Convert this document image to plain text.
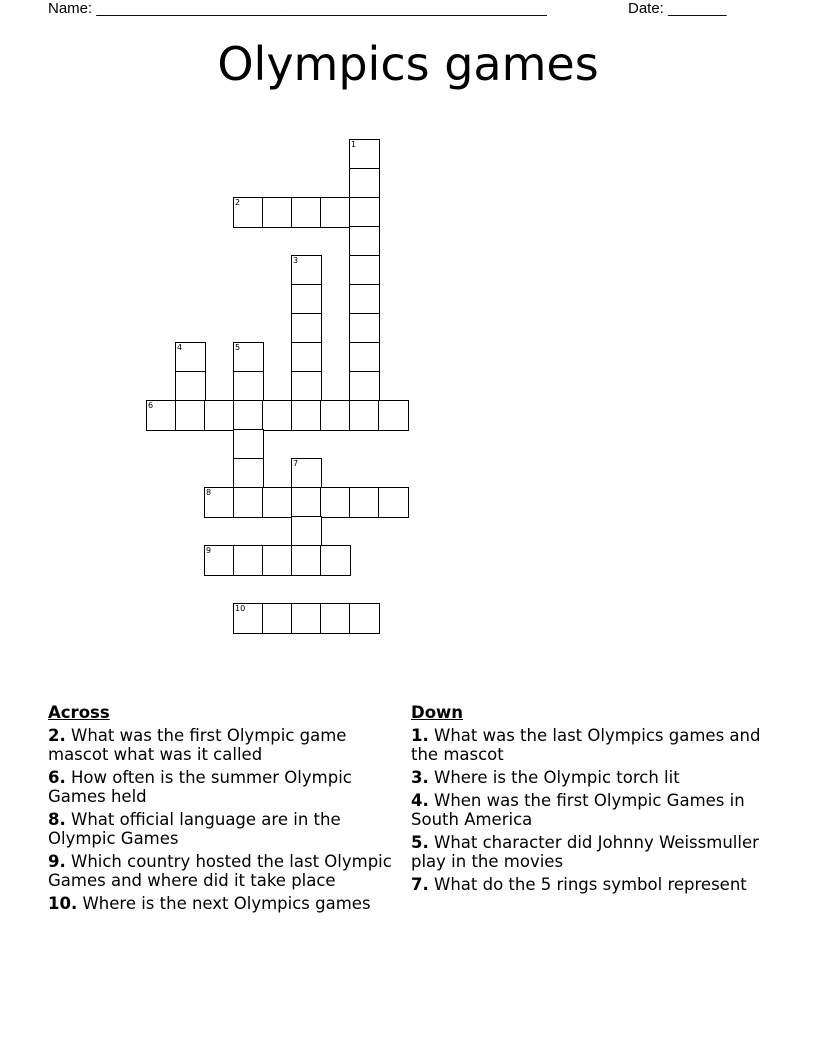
Name: ______________________________________________________	Date: _______
Olympics games
1
2
3
4	5
6
7
8
9
10
Across
2. What was the first Olympic game mascot what was it called
6. How often is the summer Olympic Games held
8. What official language are in the Olympic Games
9. Which country hosted the last Olympic Games and where did it take place
10. Where is the next Olympics games
Down
1. What was the last Olympics games and the mascot
3. Where is the Olympic torch lit
4. When was the first Olympic Games in South America
5. What character did Johnny Weissmuller play in the movies
7. What do the 5 rings symbol represent
